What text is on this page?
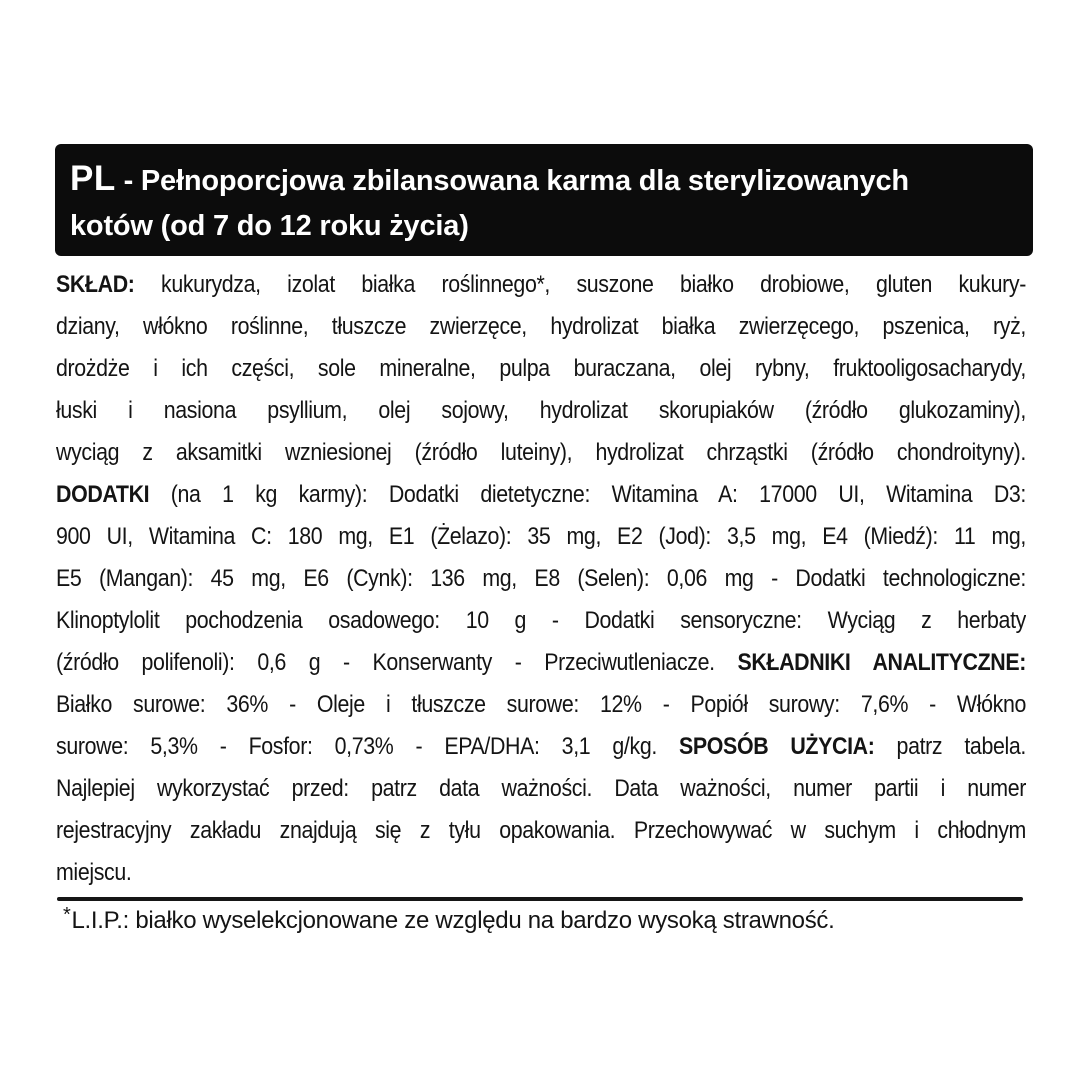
PL - Pełnoporcjowa zbilansowana karma dla sterylizowanych
kotów (od 7 do 12 roku życia)
SKŁAD: kukurydza, izolat białka roślinnego*, suszone białko drobiowe, gluten kukury-
dziany, włókno roślinne, tłuszcze zwierzęce, hydrolizat białka zwierzęcego, pszenica, ryż,
drożdże i ich części, sole mineralne, pulpa buraczana, olej rybny, fruktooligosacharydy,
łuski i nasiona psyllium, olej sojowy, hydrolizat skorupiaków (źródło glukozaminy),
wyciąg z aksamitki wzniesionej (źródło luteiny), hydrolizat chrząstki (źródło chondroityny).
DODATKI (na 1 kg karmy): Dodatki dietetyczne: Witamina A: 17000 UI, Witamina D3:
900 UI, Witamina C: 180 mg, E1 (Żelazo): 35 mg, E2 (Jod): 3,5 mg, E4 (Miedź): 11 mg,
E5 (Mangan): 45 mg, E6 (Cynk): 136 mg, E8 (Selen): 0,06 mg - Dodatki technologiczne:
Klinoptylolit pochodzenia osadowego: 10 g - Dodatki sensoryczne: Wyciąg z herbaty
(źródło polifenoli): 0,6 g - Konserwanty - Przeciwutleniacze. SKŁADNIKI ANALITYCZNE:
Białko surowe: 36% - Oleje i tłuszcze surowe: 12% - Popiół surowy: 7,6% - Włókno
surowe: 5,3% - Fosfor: 0,73% - EPA/DHA: 3,1 g/kg. SPOSÓB UŻYCIA: patrz tabela.
Najlepiej wykorzystać przed: patrz data ważności. Data ważności, numer partii i numer
rejestracyjny zakładu znajdują się z tyłu opakowania. Przechowywać w suchym i chłodnym
miejscu.
*L.I.P.: białko wyselekcjonowane ze względu na bardzo wysoką strawność.
